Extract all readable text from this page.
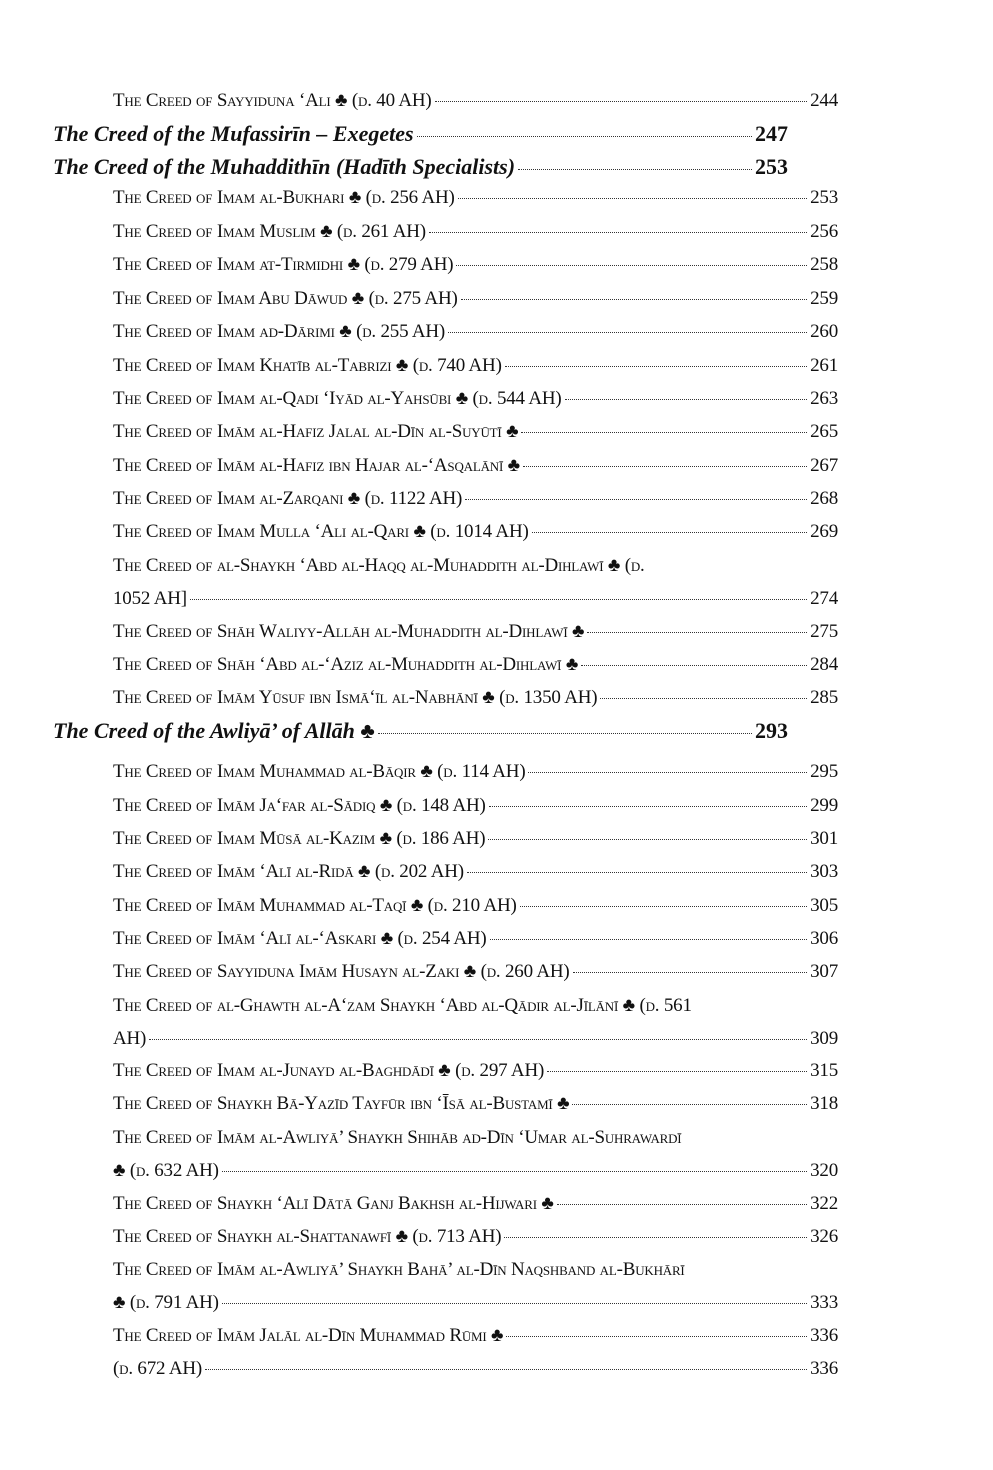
The Creed of Sayyiduna ‘Ali ♣ (d. 40 AH)	244
The Creed of the Mufassirīn – Exegetes	247
The Creed of the Muhaddithīn (Hadīth Specialists)	253
The Creed of Imam al-Bukhari ♣ (d. 256 AH)	253
The Creed of Imam Muslim ♣ (d. 261 AH)	256
The Creed of Imam at-Tirmidhi ♣ (d. 279 AH)	258
The Creed of Imam Abu Dāwud ♣ (d. 275 AH)	259
The Creed of Imam ad-Dārimi ♣ (d. 255 AH)	260
The Creed of Imam Khatīb al-Tabrizi ♣ (d. 740 AH)	261
The Creed of Imam al-Qadi ‘Iyād al-Yahsūbi ♣ (d. 544 AH)	263
The Creed of Imām al-Hafiz Jalal al-Dīn al-Suyūtī ♣	265
The Creed of Imām al-Hafiz ibn Hajar al-‘Asqalānī ♣	267
The Creed of Imam al-Zarqani ♣ (d. 1122 AH)	268
The Creed of Imam Mulla ‘Ali al-Qari ♣ (d. 1014 AH)	269
The Creed of al-Shaykh ‘Abd al-Haqq al-Muhaddith al-Dihlawī ♣ (d.
1052 AH]	274
The Creed of Shāh Waliyy-Allāh al-Muhaddith al-Dihlawī ♣	275
The Creed of Shāh ‘Abd al-‘Aziz al-Muhaddith al-Dihlawī ♣	284
The Creed of Imām Yūsuf ibn Ismā‘īl al-Nabhānī ♣ (d. 1350 AH)	285
The Creed of the Awliyā’ of Allāh ♣	293
The Creed of Imam Muhammad al-Bāqir ♣ (d. 114 AH)	295
The Creed of Imām Ja‘far al-Sādiq ♣ (d. 148 AH)	299
The Creed of Imam Mūsā al-Kazim ♣ (d. 186 AH)	301
The Creed of Imām ‘Alī al-Ridā ♣ (d. 202 AH)	303
The Creed of Imām Muhammad al-Taqī ♣ (d. 210 AH)	305
The Creed of Imām ‘Alī al-‘Askari ♣ (d. 254 AH)	306
The Creed of Sayyiduna Imām Husayn al-Zaki ♣ (d. 260 AH)	307
The Creed of al-Ghawth al-A‘zam Shaykh ‘Abd al-Qādir al-Jīlānī ♣ (d. 561
AH)	309
The Creed of Imam al-Junayd al-Baghdādī ♣ (d. 297 AH)	315
The Creed of Shaykh Bā-Yazīd Tayfūr ibn ‘Īsā al-Bustamī ♣	318
The Creed of Imām al-Awliyā’ Shaykh Shihāb ad-Dīn ‘Umar al-Suhrawardī
♣ (d. 632 AH)	320
The Creed of Shaykh ‘Alī Dātā Ganj Bakhsh al-Hijwari ♣	322
The Creed of Shaykh al-Shattanawfī ♣ (d. 713 AH)	326
The Creed of Imām al-Awliyā’ Shaykh Bahā’ al-Dīn Naqshband al-Bukhārī
♣ (d. 791 AH)	333
The Creed of Imām Jalāl al-Dīn Muhammad Rūmi ♣	336
(d. 672 AH)	336
